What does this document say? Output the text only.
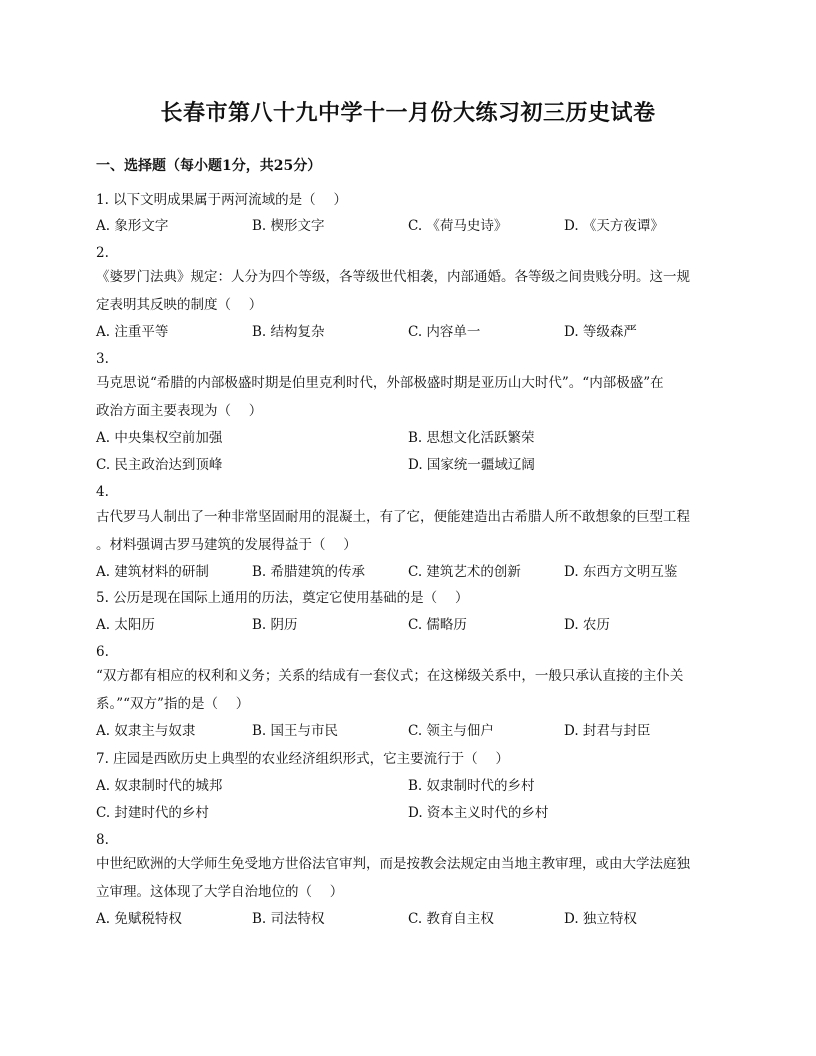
长春市第八十九中学十一月份大练习初三历史试卷
一、选择题（每小题1分，共25分）
1. 以下文明成果属于两河流域的是（　 ）
A. 象形文字	B. 楔形文字	C. 《荷马史诗》	D. 《天方夜谭》
2.
《婆罗门法典》规定：人分为四个等级，各等级世代相袭，内部通婚。各等级之间贵贱分明。这一规
定表明其反映的制度（　 ）
A. 注重平等	B. 结构复杂	C. 内容单一	D. 等级森严
3.
马克思说“希腊的内部极盛时期是伯里克利时代，外部极盛时期是亚历山大时代”。“内部极盛”在
政治方面主要表现为（　 ）
A. 中央集权空前加强	B. 思想文化活跃繁荣
C. 民主政治达到顶峰	D. 国家统一疆域辽阔
4.
古代罗马人制出了一种非常坚固耐用的混凝土，有了它，便能建造出古希腊人所不敢想象的巨型工程
。材料强调古罗马建筑的发展得益于（　 ）
A. 建筑材料的研制	B. 希腊建筑的传承	C. 建筑艺术的创新	D. 东西方文明互鉴
5. 公历是现在国际上通用的历法，奠定它使用基础的是（　 ）
A. 太阳历	B. 阴历	C. 儒略历	D. 农历
6.
“双方都有相应的权利和义务；关系的结成有一套仪式；在这梯级关系中，一般只承认直接的主仆关
系。”“双方”指的是（　 ）
A. 奴隶主与奴隶	B. 国王与市民	C. 领主与佃户	D. 封君与封臣
7. 庄园是西欧历史上典型的农业经济组织形式，它主要流行于（　 ）
A. 奴隶制时代的城邦	B. 奴隶制时代的乡村
C. 封建时代的乡村	D. 资本主义时代的乡村
8.
中世纪欧洲的大学师生免受地方世俗法官审判，而是按教会法规定由当地主教审理，或由大学法庭独
立审理。这体现了大学自治地位的（　 ）
A. 免赋税特权	B. 司法特权	C. 教育自主权	D. 独立特权
